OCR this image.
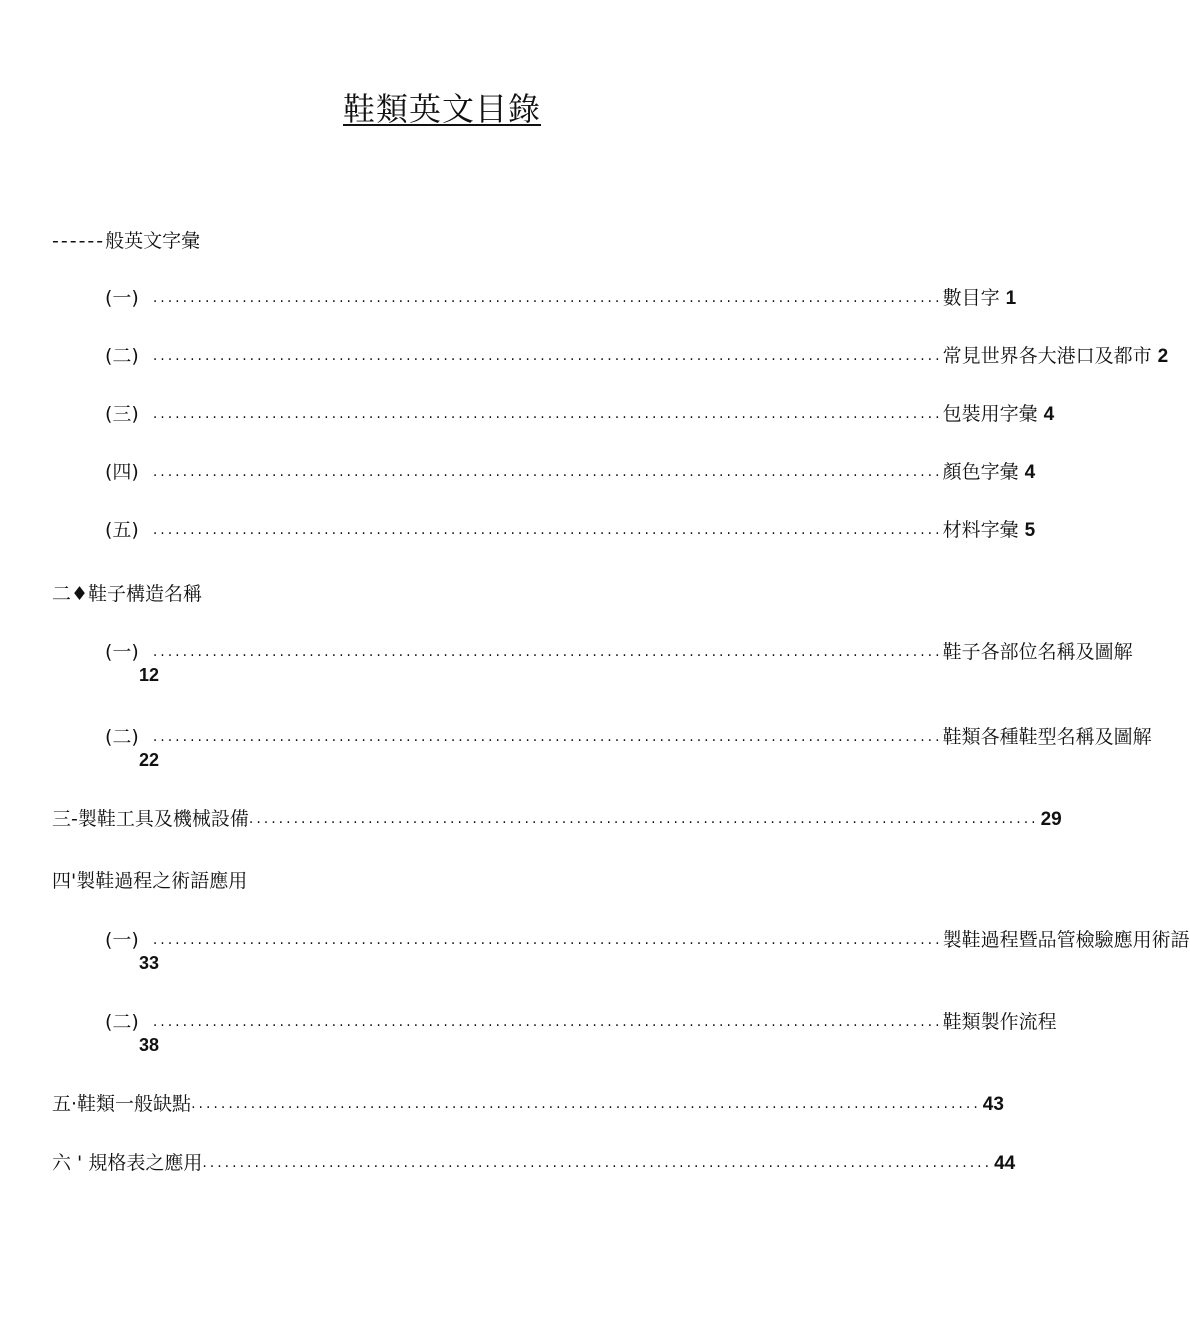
鞋類英文目錄
------般英文字彙
(一) .......................................................................................................... 數目字 1
(二) .......................................................................................................... 常見世界各大港口及都市 2
(三) .......................................................................................................... 包裝用字彙 4
(四) .......................................................................................................... 顏色字彙 4
(五) .......................................................................................................... 材料字彙 5
二♦鞋子構造名稱
(一) .......................................................................................................... 鞋子各部位名稱及圖解
12
(二) .......................................................................................................... 鞋類各種鞋型名稱及圖解
22
三- 製鞋工具及機械設備 .......................................................................................................... 29
四'製鞋過程之術語應用
(一) .......................................................................................................... 製鞋過程暨品管檢驗應用術語
33
(二) .......................................................................................................... 鞋類製作流程
38
五· 鞋類一般缺點 .......................................................................................................... 43
六 ' 規格表之應用 .......................................................................................................... 44
